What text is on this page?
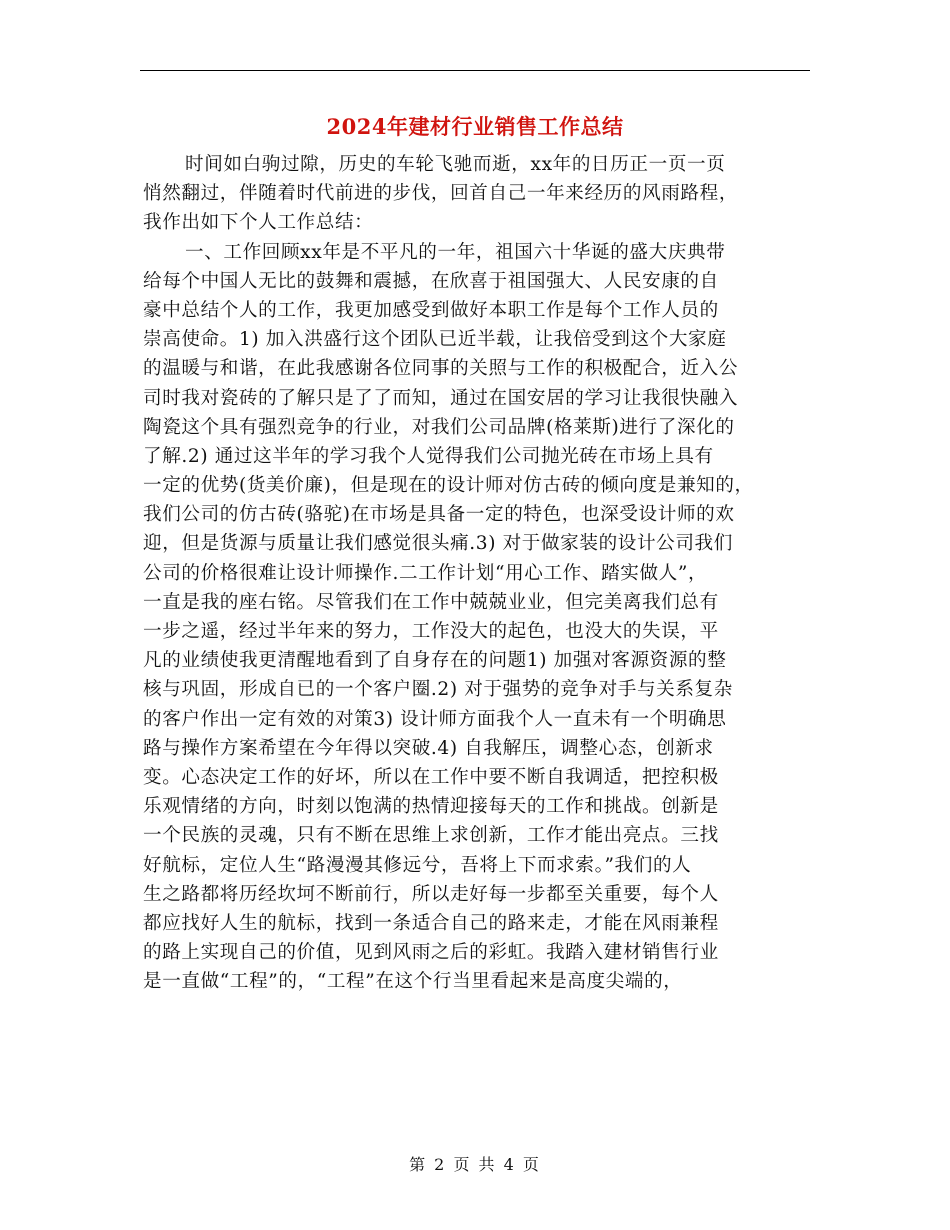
2024年建材行业销售工作总结
时间如白驹过隙，历史的车轮飞驰而逝，xx年的日历正一页一页
悄然翻过，伴随着时代前进的步伐，回首自己一年来经历的风雨路程，
我作出如下个人工作总结：
一、工作回顾xx年是不平凡的一年，祖国六十华诞的盛大庆典带
给每个中国人无比的鼓舞和震撼，在欣喜于祖国强大、人民安康的自
豪中总结个人的工作，我更加感受到做好本职工作是每个工作人员的
崇高使命。1) 加入洪盛行这个团队已近半载，让我倍受到这个大家庭
的温暖与和谐，在此我感谢各位同事的关照与工作的积极配合，近入公
司时我对瓷砖的了解只是了了而知，通过在国安居的学习让我很快融入
陶瓷这个具有强烈竞争的行业，对我们公司品牌(格莱斯)进行了深化的
了解.2) 通过这半年的学习我个人觉得我们公司抛光砖在市场上具有
一定的优势(货美价廉)，但是现在的设计师对仿古砖的倾向度是兼知的，
我们公司的仿古砖(骆驼)在市场是具备一定的特色，也深受设计师的欢
迎，但是货源与质量让我们感觉很头痛.3) 对于做家装的设计公司我们
公司的价格很难让设计师操作.二工作计划“用心工作、踏实做人”，
一直是我的座右铭。尽管我们在工作中兢兢业业，但完美离我们总有
一步之遥，经过半年来的努力，工作没大的起色，也没大的失误，平
凡的业绩使我更清醒地看到了自身存在的问题1) 加强对客源资源的整
核与巩固，形成自已的一个客户圈.2) 对于强势的竞争对手与关系复杂
的客户作出一定有效的对策3) 设计师方面我个人一直未有一个明确思
路与操作方案希望在今年得以突破.4) 自我解压，调整心态，创新求
变。心态决定工作的好坏，所以在工作中要不断自我调适，把控积极
乐观情绪的方向，时刻以饱满的热情迎接每天的工作和挑战。创新是
一个民族的灵魂，只有不断在思维上求创新，工作才能出亮点。三找
好航标，定位人生“路漫漫其修远兮，吾将上下而求索。”我们的人
生之路都将历经坎坷不断前行，所以走好每一步都至关重要，每个人
都应找好人生的航标，找到一条适合自己的路来走，才能在风雨兼程
的路上实现自己的价值，见到风雨之后的彩虹。我踏入建材销售行业
是一直做“工程”的，“工程”在这个行当里看起来是高度尖端的，
第 2 页 共 4 页
